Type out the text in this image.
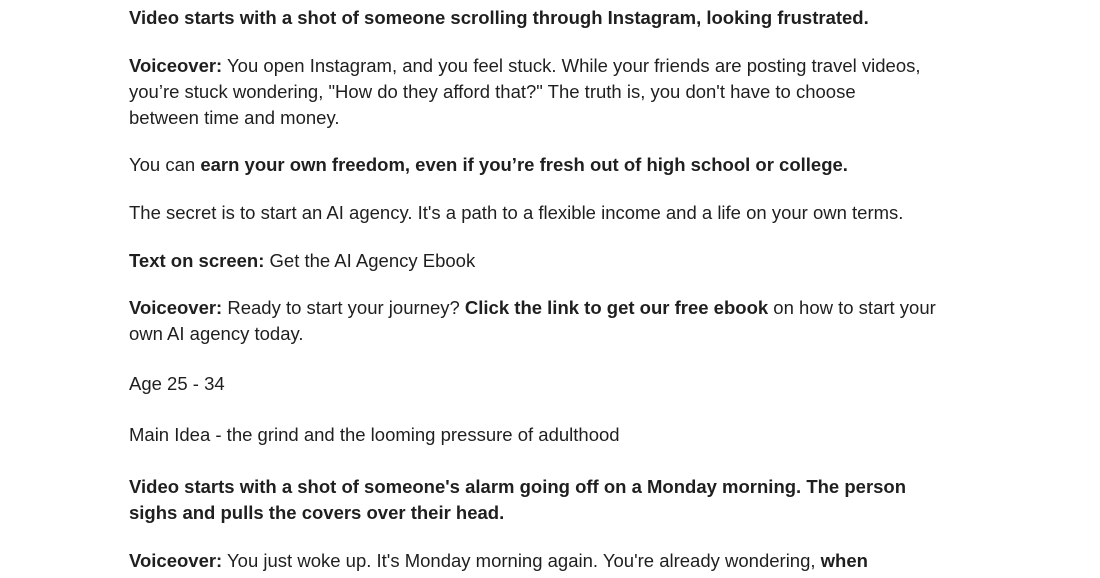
Video starts with a shot of someone scrolling through Instagram, looking frustrated.

Voiceover: You open Instagram, and you feel stuck. While your friends are posting travel videos, you’re stuck wondering, "How do they afford that?" The truth is, you don't have to choose between time and money.

You can earn your own freedom, even if you’re fresh out of high school or college.

The secret is to start an AI agency. It's a path to a flexible income and a life on your own terms.

Text on screen: Get the AI Agency Ebook

Voiceover: Ready to start your journey? Click the link to get our free ebook on how to start your own AI agency today.

Age 25 - 34

Main Idea - the grind and the looming pressure of adulthood

Video starts with a shot of someone's alarm going off on a Monday morning. The person sighs and pulls the covers over their head.

Voiceover: You just woke up. It's Monday morning again. You're already wondering, when
